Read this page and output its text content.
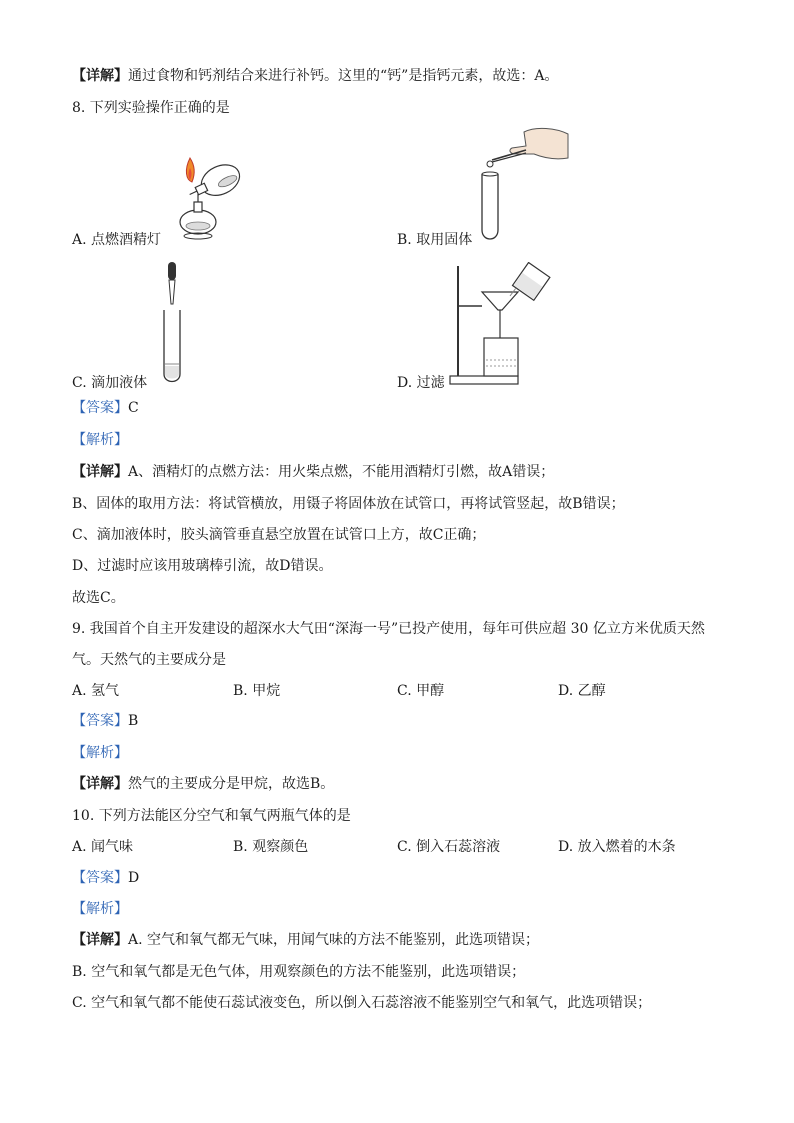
【详解】通过食物和钙剂结合来进行补钙。这里的“钙”是指钙元素，故选：A。
8. 下列实验操作正确的是
A. 点燃酒精灯	B. 取用固体
C. 滴加液体	D. 过滤
【答案】C
【解析】
【详解】A、酒精灯的点燃方法：用火柴点燃，不能用酒精灯引燃，故A错误；
B、固体的取用方法：将试管横放，用镊子将固体放在试管口，再将试管竖起，故B错误；
C、滴加液体时，胶头滴管垂直悬空放置在试管口上方，故C正确；
D、过滤时应该用玻璃棒引流，故D错误。
故选C。
9. 我国首个自主开发建设的超深水大气田“深海一号”已投产使用，每年可供应超 30 亿立方米优质天然
气。天然气的主要成分是
A. 氢气	B. 甲烷	C. 甲醇	D. 乙醇
【答案】B
【解析】
【详解】然气的主要成分是甲烷，故选B。
10. 下列方法能区分空气和氧气两瓶气体的是
A. 闻气味	B. 观察颜色	C. 倒入石蕊溶液	D. 放入燃着的木条
【答案】D
【解析】
【详解】A. 空气和氧气都无气味，用闻气味的方法不能鉴别，此选项错误；
B. 空气和氧气都是无色气体，用观察颜色的方法不能鉴别，此选项错误；
C. 空气和氧气都不能使石蕊试液变色，所以倒入石蕊溶液不能鉴别空气和氧气，此选项错误；
